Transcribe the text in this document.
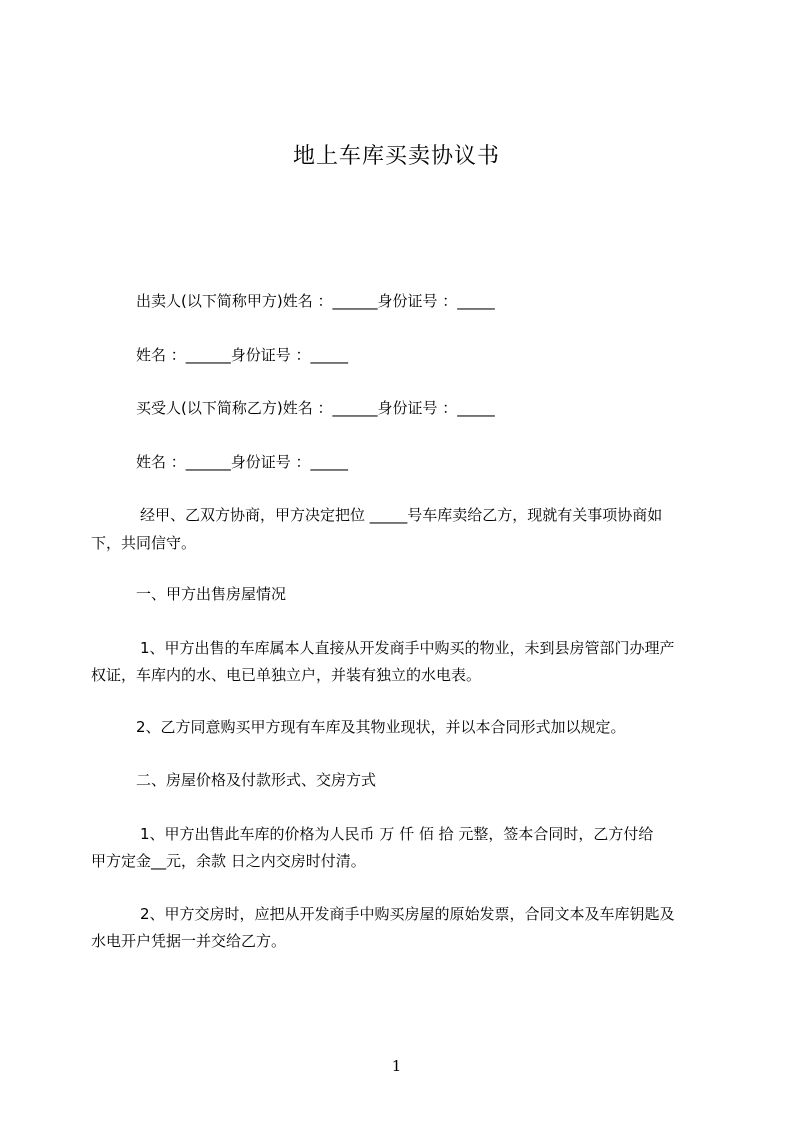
地上车库买卖协议书
出卖人(以下简称甲方)姓名 ：______身份证号 ：_____
姓名 ：______身份证号 ：_____
买受人(以下简称乙方)姓名 ：______身份证号 ：_____
姓名 ：______身份证号 ：_____
经甲、乙双方协商，甲方决定把位 _____号车库卖给乙方，现就有关事项协商如
下，共同信守。
一、甲方出售房屋情况
1、甲方出售的车库属本人直接从开发商手中购买的物业，未到县房管部门办理产
权证，车库内的水、电已单独立户，并装有独立的水电表。
2、乙方同意购买甲方现有车库及其物业现状，并以本合同形式加以规定。
二、房屋价格及付款形式、交房方式
1、甲方出售此车库的价格为人民币 万 仟 佰 拾 元整，签本合同时，乙方付给
甲方定金__元，余款 日之内交房时付清。
2、甲方交房时，应把从开发商手中购买房屋的原始发票，合同文本及车库钥匙及
水电开户凭据一并交给乙方。
1
